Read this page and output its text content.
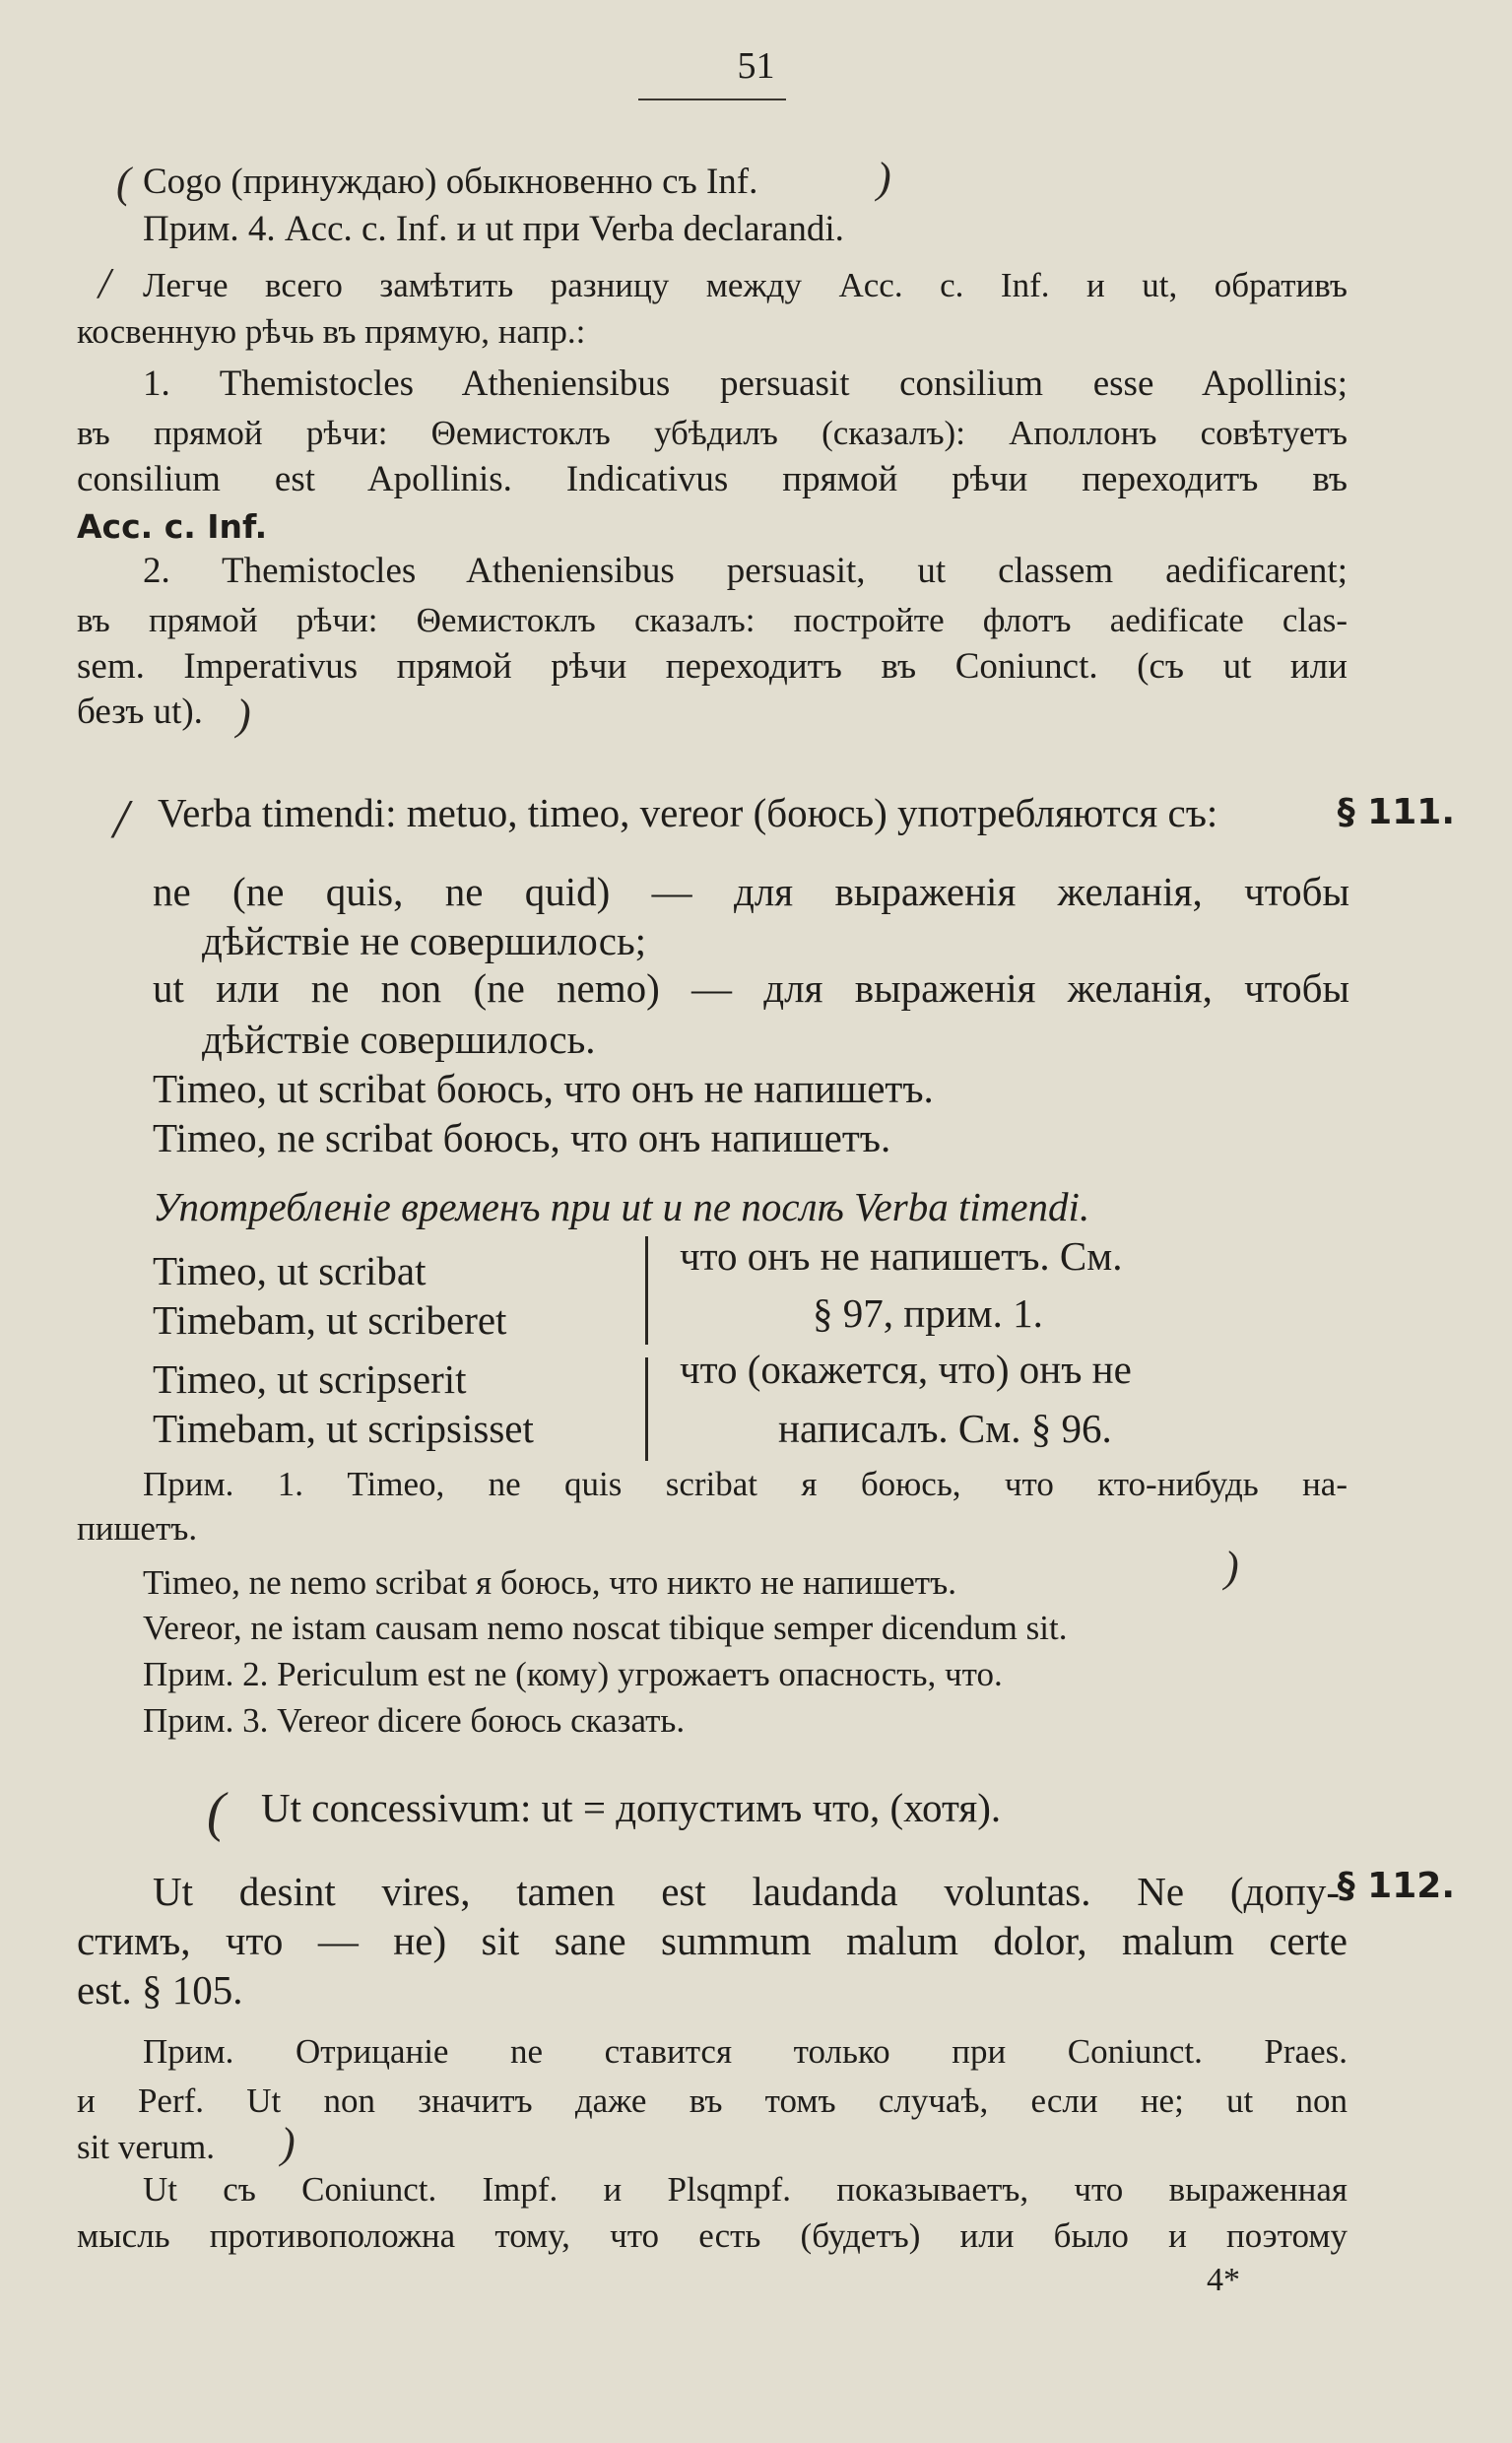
51
( Cogo (принуждаю) обыкновенно съ Inf.	)
Прим. 4. Acc. c. Inf. и ut при Verba declarandi.
/ Легче всего замѣтить разницу между Acc. c. Inf. и ut, обративъ
косвенную рѣчь въ прямую, напр.:
1. Themistocles Atheniensibus persuasit consilium esse Apollinis;
въ прямой рѣчи: Θемистоклъ убѣдилъ (сказалъ): Аполлонъ совѣтуетъ
consilium est Apollinis. Indicativus прямой рѣчи переходитъ въ
Acc. c. Inf.
2. Themistocles Atheniensibus persuasit, ut classem aedificarent;
въ прямой рѣчи: Θемистоклъ сказалъ: постройте флотъ aedificate clas-
sem. Imperativus прямой рѣчи переходитъ въ Coniunct. (съ ut или
безъ ut). )
/ Verba timendi: metuo, timeo, vereor (боюсь) употребляются съ:	§ 111.
ne (ne quis, ne quid) — для выраженія желанія, чтобы
дѣйствіе не совершилось;
ut или ne non (ne nemo) — для выраженія желанія, чтобы
дѣйствіе совершилось.
Timeo, ut scribat боюсь, что онъ не напишетъ.
Timeo, ne scribat боюсь, что онъ напишетъ.
Употребленіе временъ при ut и ne послѣ Verba timendi.
Timeo, ut scribat	что онъ не напишетъ. См.
Timebam, ut scriberet	§ 97, прим. 1.
Timeo, ut scripserit	что (окажется, что) онъ не
Timebam, ut scripsisset	написалъ. См. § 96.
Прим. 1. Timeo, ne quis scribat я боюсь, что кто-нибудь на-
пишетъ.
Timeo, ne nemo scribat я боюсь, что никто не напишетъ.	)
Vereor, ne istam causam nemo noscat tibique semper dicendum sit.
Прим. 2. Periculum est ne (кому) угрожаетъ опасность, что.
Прим. 3. Vereor dicere боюсь сказать.
( Ut concessivum: ut = допустимъ что, (хотя).
Ut desint vires, tamen est laudanda voluntas. Ne (допу-
§ 112.
стимъ, что — не) sit sane summum malum dolor, malum certe
est. § 105.
Прим. Отрицаніе ne ставится только при Coniunct. Praes.
и Perf. Ut non значитъ даже въ томъ случаѣ, если не; ut non
sit verum.	)
Ut съ Coniunct. Impf. и Plsqmpf. показываетъ, что выраженная
мысль противоположна тому, что есть (будетъ) или было и поэтому
4*
